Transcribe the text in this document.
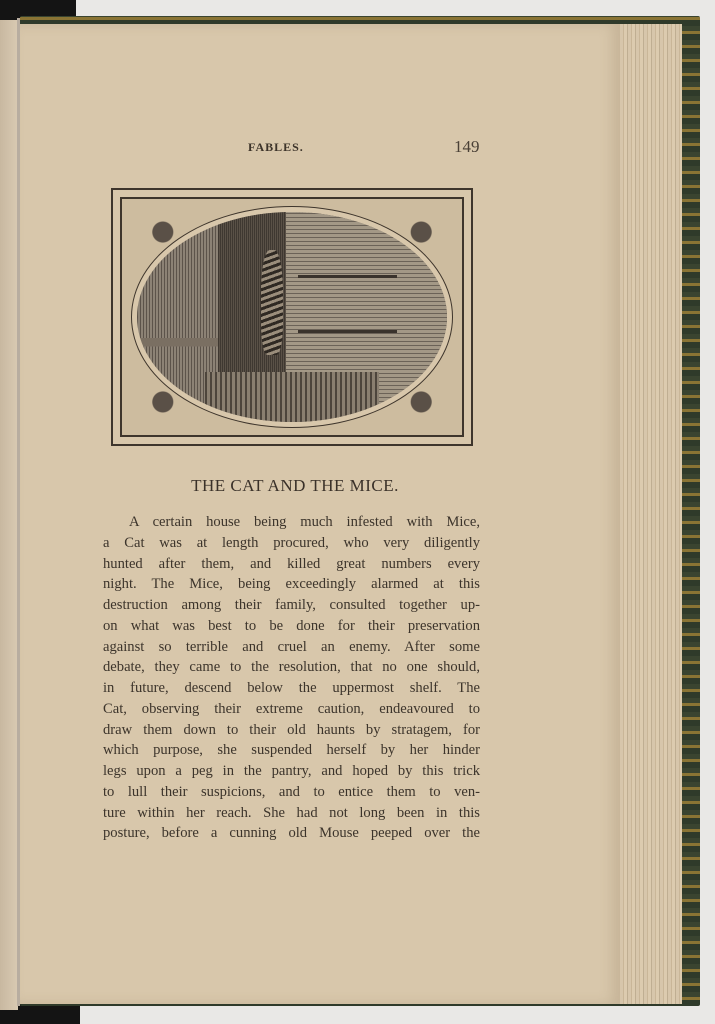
FABLES.	149
THE CAT AND THE MICE.
A certain house being much infested with Mice,
a Cat was at length procured, who very diligently
hunted after them, and killed great numbers every
night. The Mice, being exceedingly alarmed at this
destruction among their family, consulted together up-
on what was best to be done for their preservation
against so terrible and cruel an enemy. After some
debate, they came to the resolution, that no one should,
in future, descend below the uppermost shelf. The
Cat, observing their extreme caution, endeavoured to
draw them down to their old haunts by stratagem, for
which purpose, she suspended herself by her hinder
legs upon a peg in the pantry, and hoped by this trick
to lull their suspicions, and to entice them to ven-
ture within her reach. She had not long been in this
posture, before a cunning old Mouse peeped over the
